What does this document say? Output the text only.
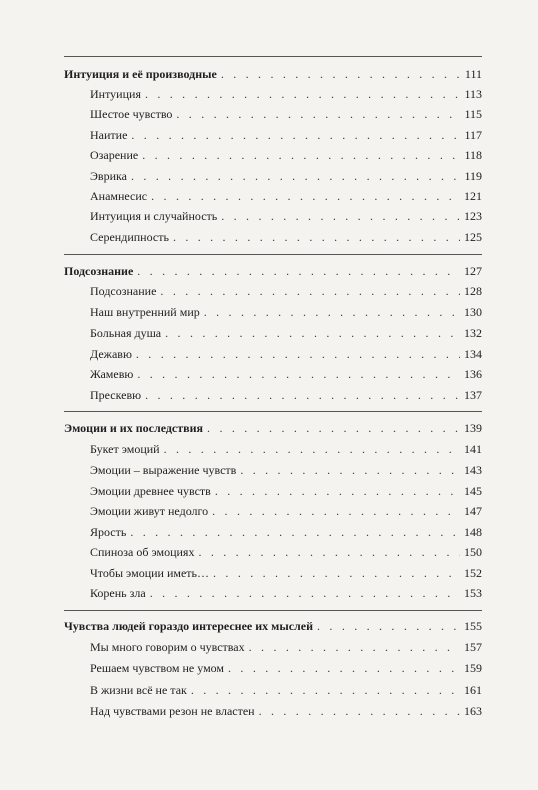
Интуиция и её производные . . .	111
Интуиция . . .	113
Шестое чувство . . .	115
Наитие . . .	117
Озарение . . .	118
Эврика . . .	119
Анамнесис . . .	121
Интуиция и случайность . . .	123
Серендипность . . .	125
Подсознание . . .	127
Подсознание . . .	128
Наш внутренний мир . . .	130
Больная душа . . .	132
Дежавю . . .	134
Жамевю . . .	136
Прескевю . . .	137
Эмоции и их последствия . . .	139
Букет эмоций . . .	141
Эмоции – выражение чувств . . .	143
Эмоции древнее чувств . . .	145
Эмоции живут недолго . . .	147
Ярость . . .	148
Спиноза об эмоциях . . .	150
Чтобы эмоции иметь… . . .	152
Корень зла . . .	153
Чувства людей гораздо интереснее их мыслей . . .	155
Мы много говорим о чувствах . . .	157
Решаем чувством не умом . . .	159
В жизни всё не так . . .	161
Над чувствами резон не властен . . .	163
